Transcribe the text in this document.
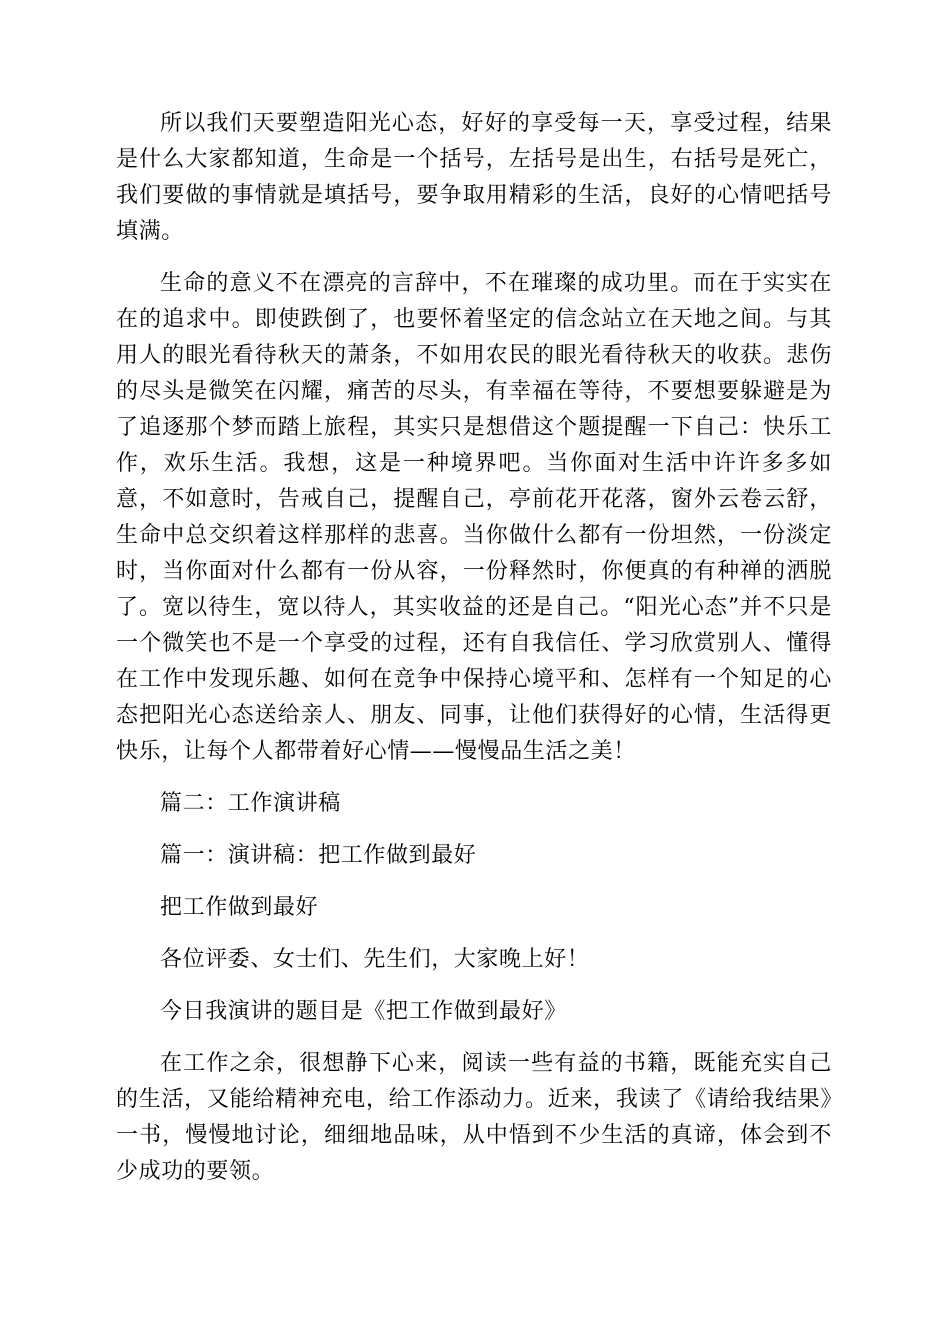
所以我们天要塑造阳光心态，好好的享受每一天，享受过程，结果是什么大家都知道，生命是一个括号，左括号是出生，右括号是死亡，我们要做的事情就是填括号，要争取用精彩的生活，良好的心情吧括号填满。

生命的意义不在漂亮的言辞中，不在璀璨的成功里。而在于实实在在的追求中。即使跌倒了，也要怀着坚定的信念站立在天地之间。与其用人的眼光看待秋天的萧条，不如用农民的眼光看待秋天的收获。悲伤的尽头是微笑在闪耀，痛苦的尽头，有幸福在等待，不要想要躲避是为了追逐那个梦而踏上旅程，其实只是想借这个题提醒一下自己：快乐工作，欢乐生活。我想，这是一种境界吧。当你面对生活中许许多多如意，不如意时，告戒自己，提醒自己，亭前花开花落，窗外云卷云舒，生命中总交织着这样那样的悲喜。当你做什么都有一份坦然，一份淡定时，当你面对什么都有一份从容，一份释然时，你便真的有种禅的洒脱了。宽以待生，宽以待人，其实收益的还是自己。“阳光心态”并不只是一个微笑也不是一个享受的过程，还有自我信任、学习欣赏别人、懂得在工作中发现乐趣、如何在竞争中保持心境平和、怎样有一个知足的心态把阳光心态送给亲人、朋友、同事，让他们获得好的心情，生活得更快乐，让每个人都带着好心情——慢慢品生活之美！

篇二：工作演讲稿

篇一：演讲稿：把工作做到最好

把工作做到最好

各位评委、女士们、先生们，大家晚上好！

今日我演讲的题目是《把工作做到最好》

在工作之余，很想静下心来，阅读一些有益的书籍，既能充实自己的生活，又能给精神充电，给工作添动力。近来，我读了《请给我结果》一书，慢慢地讨论，细细地品味，从中悟到不少生活的真谛，体会到不少成功的要领。
